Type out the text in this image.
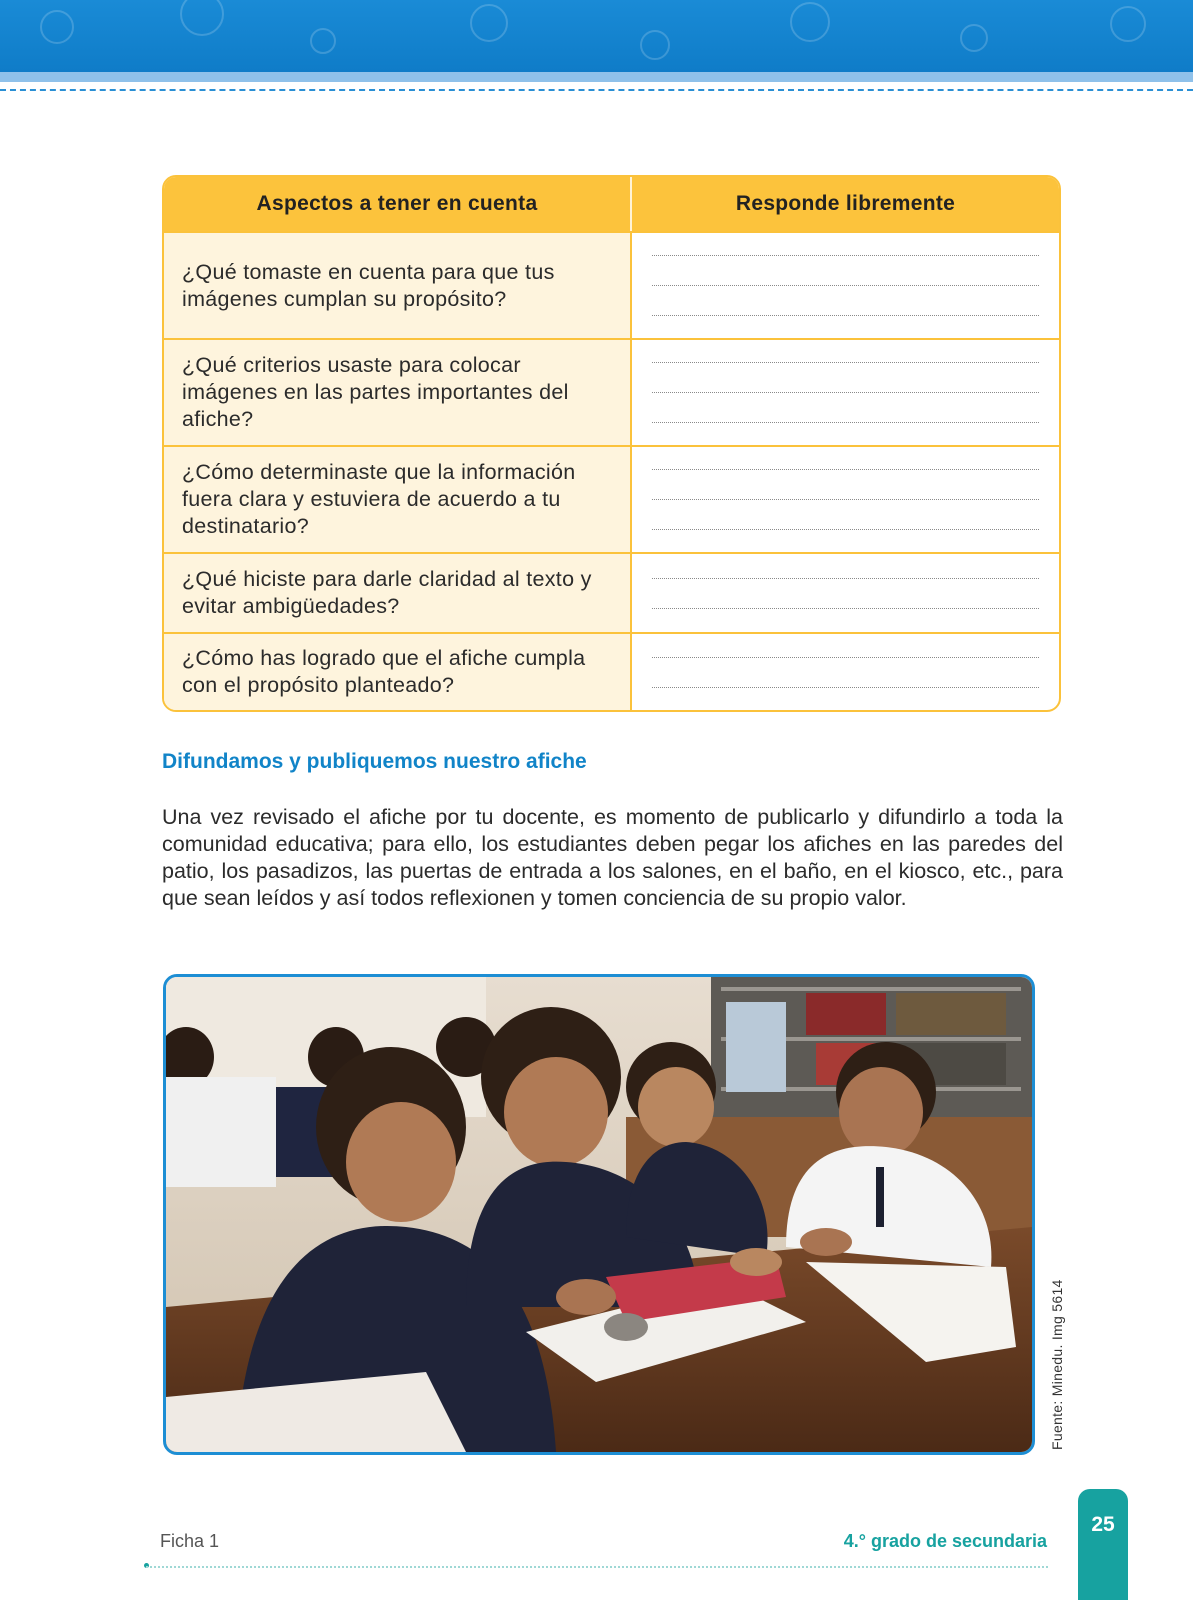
Aspectos a tener en cuenta	Responde libremente
¿Qué tomaste en cuenta para que tus imágenes cumplan su propósito?
¿Qué criterios usaste para colocar imágenes en las partes importantes del afiche?
¿Cómo determinaste que la información fuera clara y estuviera de acuerdo a tu destinatario?
¿Qué hiciste para darle claridad al texto y evitar ambigüedades?
¿Cómo has logrado que el afiche cumpla con el propósito planteado?
Difundamos y publiquemos nuestro afiche
Una vez revisado el afiche por tu docente, es momento de publicarlo y difundirlo a toda la comunidad educativa; para ello, los estudiantes deben pegar los afiches en las paredes del patio, los pasadizos, las puertas de entrada a los salones, en el baño, en el kiosco, etc., para que sean leídos y así todos reflexionen y tomen conciencia de su propio valor.
Fuente: Minedu. Img 5614
Ficha 1	4.° grado de secundaria
25
